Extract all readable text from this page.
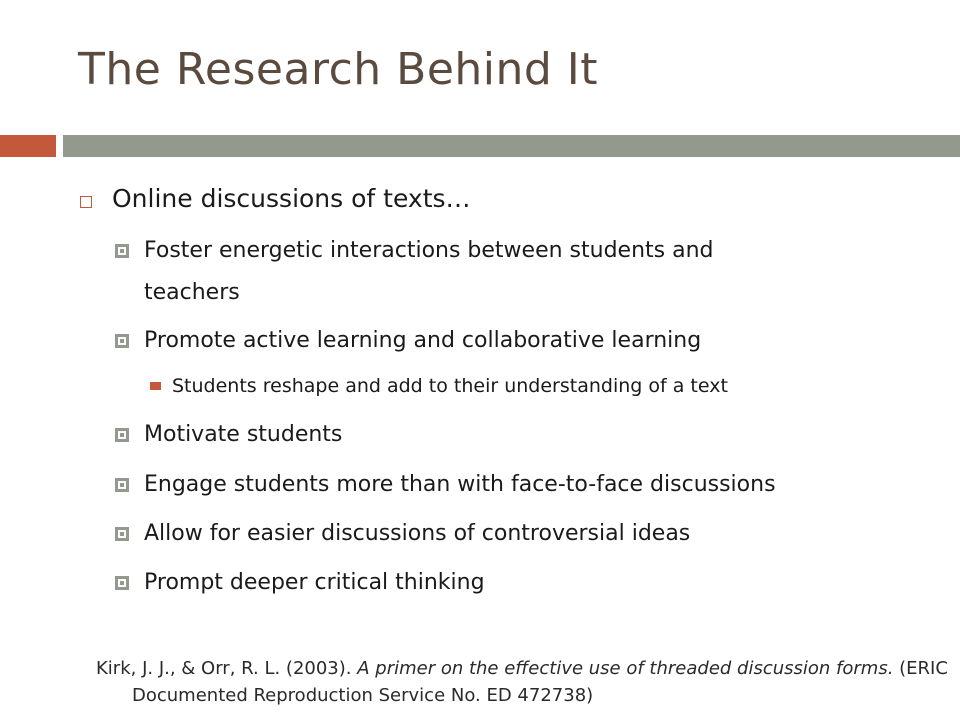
The Research Behind It
Online discussions of texts…
Foster energetic interactions between students and
teachers
Promote active learning and collaborative learning
Students reshape and add to their understanding of a text
Motivate students
Engage students more than with face-to-face discussions
Allow for easier discussions of controversial ideas
Prompt deeper critical thinking
Kirk, J. J., & Orr, R. L. (2003). A primer on the effective use of threaded discussion forms. (ERIC
Documented Reproduction Service No. ED 472738)
